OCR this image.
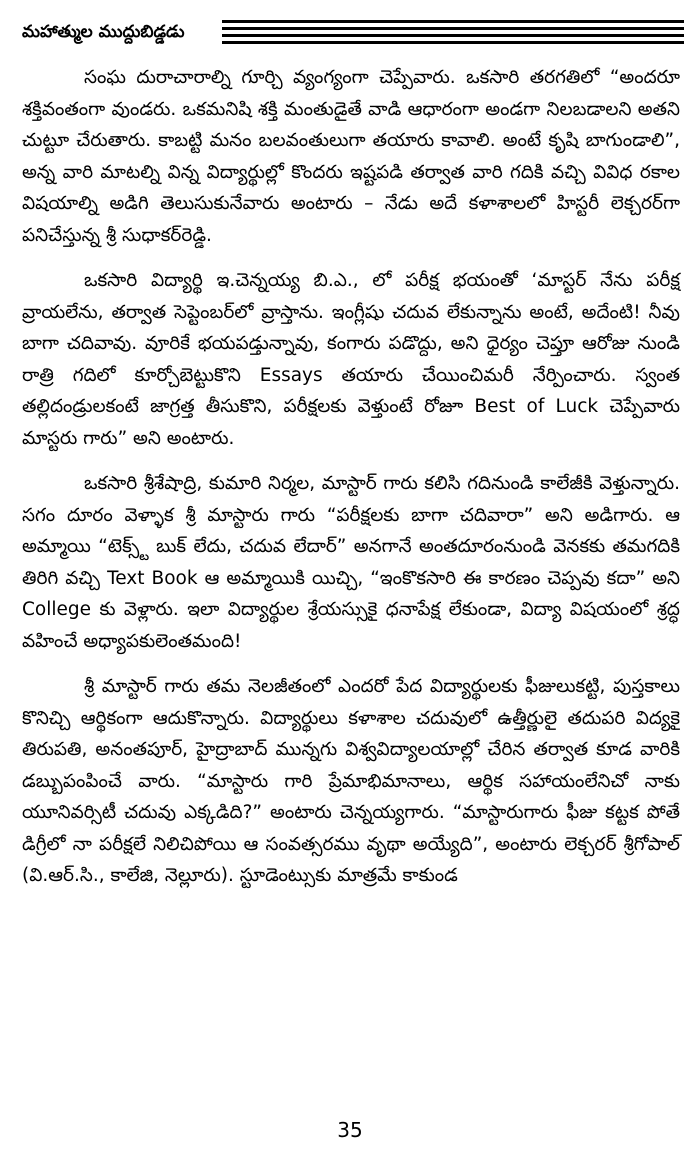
మహాత్ముల ముద్దుబిడ్డడు

సంఘ దురాచారాల్ని గూర్చి వ్యంగ్యంగా చెప్పేవారు. ఒకసారి తరగతిలో “అందరూ శక్తివంతంగా వుండరు. ఒకమనిషి శక్తి మంతుడైతే వాడి ఆధారంగా అండగా నిలబడాలని అతని చుట్టూ చేరుతారు. కాబట్టి మనం బలవంతులుగా తయారు కావాలి. అంటే కృషి బాగుండాలి”, అన్న వారి మాటల్ని విన్న విద్యార్థుల్లో కొందరు ఇష్టపడి తర్వాత వారి గదికి వచ్చి వివిధ రకాల విషయాల్ని అడిగి తెలుసుకునేవారు అంటారు – నేడు అదే కళాశాలలో హిస్టరీ లెక్చరర్‌గా పనిచేస్తున్న శ్రీ సుధాకర్‌రెడ్డి.

ఒకసారి విద్యార్థి ఇ.చెన్నయ్య బి.ఎ., లో పరీక్ష భయంతో ‘మాస్టర్ నేను పరీక్ష వ్రాయలేను, తర్వాత సెప్టెంబర్‌లో వ్రాస్తాను. ఇంగ్లీషు చదువ లేకున్నాను అంటే, అదేంటి! నీవు బాగా చదివావు. వూరికే భయపడ్తున్నావు, కంగారు పడొద్దు, అని ధైర్యం చెప్తూ ఆరోజు నుండి రాత్రి గదిలో కూర్చోబెట్టుకొని Essays తయారు చేయించిమరీ నేర్పించారు. స్వంత తల్లిదండ్రులకంటే జాగ్రత్త తీసుకొని, పరీక్షలకు వెళ్తుంటే రోజూ Best of Luck చెప్పేవారు మాస్టరు గారు” అని అంటారు.

ఒకసారి శ్రీశేషాద్రి, కుమారి నిర్మల, మాస్టార్ గారు కలిసి గదినుండి కాలేజీకి వెళ్తున్నారు. సగం దూరం వెళ్ళాక శ్రీ మాస్టారు గారు “పరీక్షలకు బాగా చదివారా” అని అడిగారు. ఆ అమ్మాయి “టెక్స్ట్ బుక్ లేదు, చదువ లేదార్” అనగానే అంతదూరంనుండి వెనకకు తమగదికి తిరిగి వచ్చి Text Book ఆ అమ్మాయికి యిచ్చి, “ఇంకొకసారి ఈ కారణం చెప్పవు కదా” అని College కు వెళ్లారు. ఇలా విద్యార్థుల శ్రేయస్సుకై ధనాపేక్ష లేకుండా, విద్యా విషయంలో శ్రద్ధ వహించే అధ్యాపకులెంతమంది!

శ్రీ మాస్టార్ గారు తమ నెలజీతంలో ఎందరో పేద విద్యార్థులకు ఫీజులుకట్టి, పుస్తకాలు కొనిచ్చి ఆర్థికంగా ఆదుకొన్నారు. విద్యార్థులు కళాశాల చదువులో ఉత్తీర్ణులై తదుపరి విద్యకై తిరుపతి, అనంతపూర్, హైద్రాబాద్ మున్నగు విశ్వవిద్యాలయాల్లో చేరిన తర్వాత కూడ వారికి డబ్బుపంపించే వారు. “మాస్టారు గారి ప్రేమాభిమానాలు, ఆర్థిక సహాయంలేనిచో నాకు యూనివర్సిటీ చదువు ఎక్కడిది?” అంటారు చెన్నయ్యగారు. “మాస్టారుగారు ఫీజు కట్టక పోతే డిగ్రీలో నా పరీక్షలే నిలిచిపోయి ఆ సంవత్సరము వృథా అయ్యేది”, అంటారు లెక్చరర్ శ్రీగోపాల్ (వి.ఆర్.సి., కాలేజి, నెల్లూరు). స్టూడెంట్సుకు మాత్రమే కాకుండ

35
